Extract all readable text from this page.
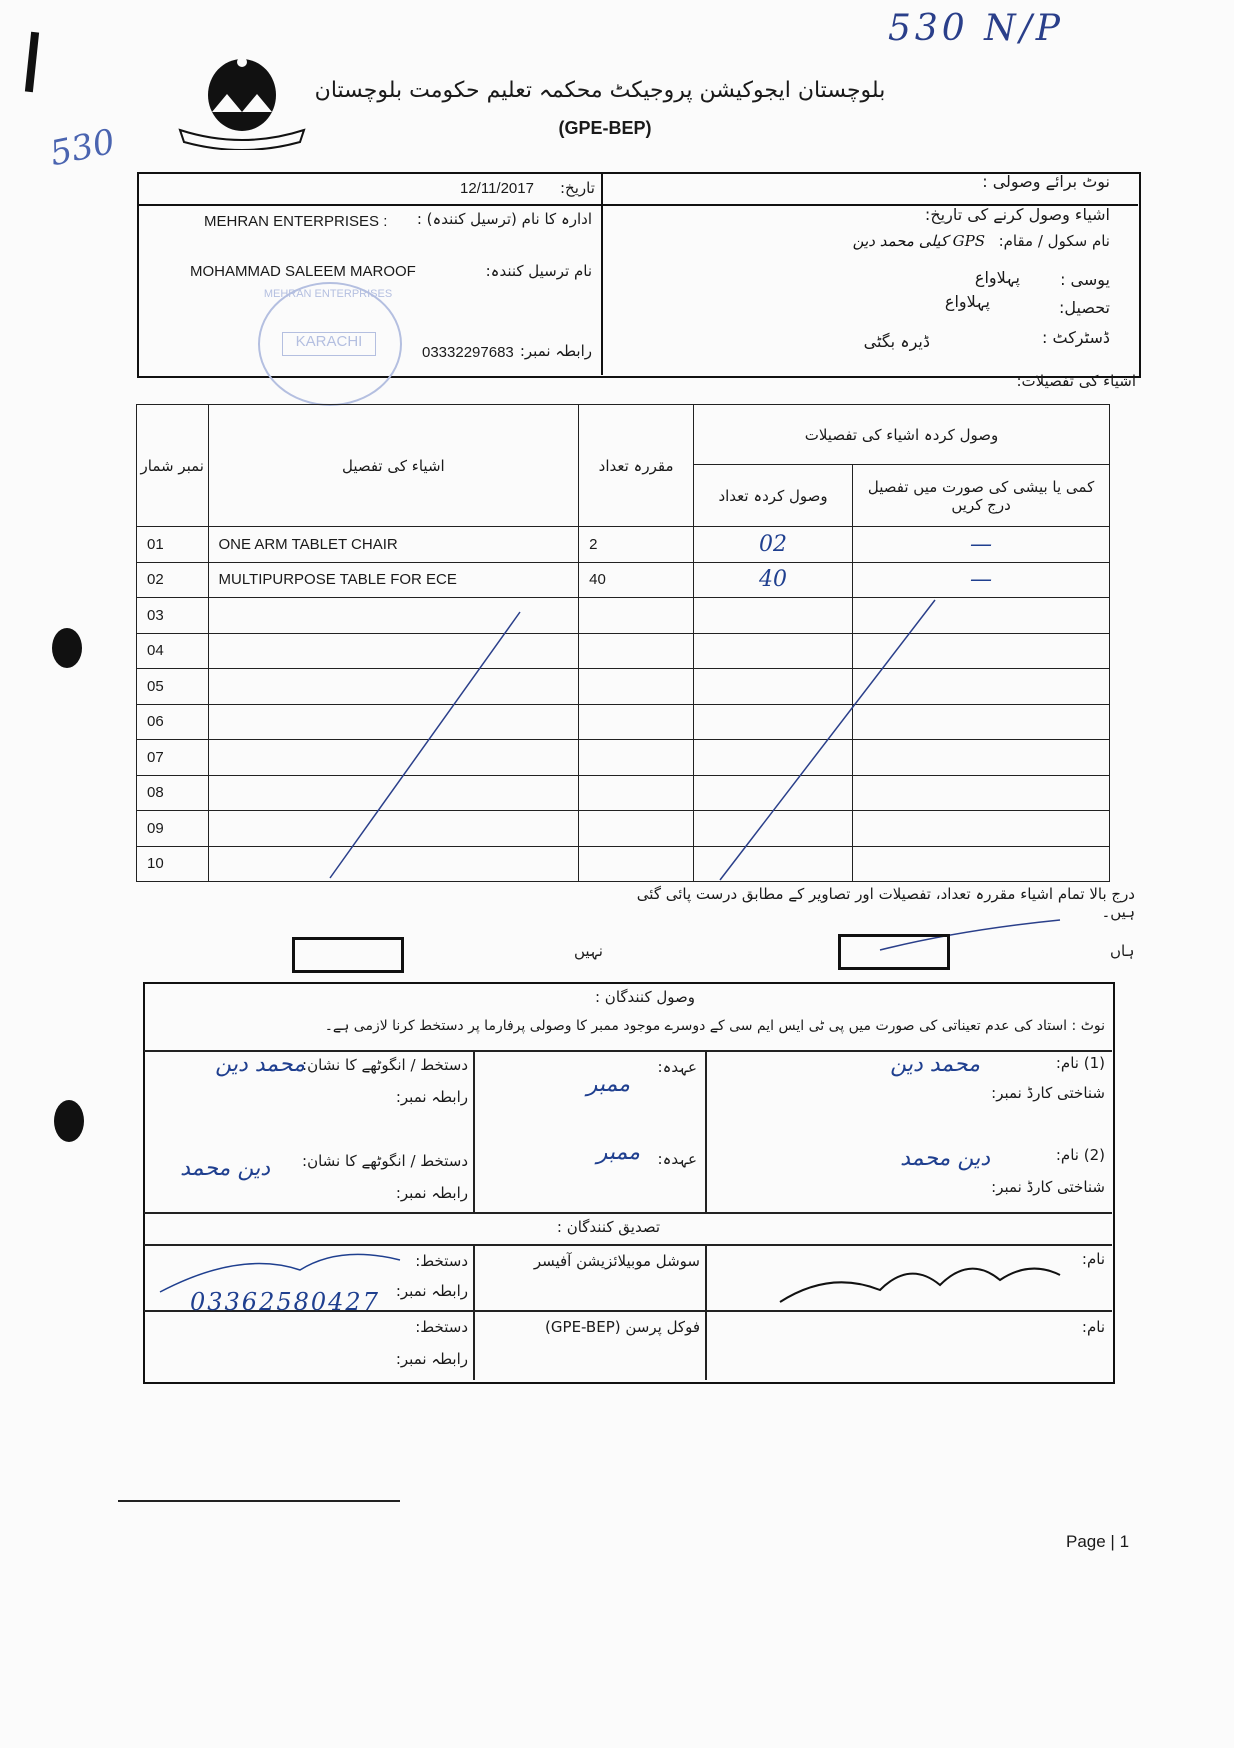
530 N/P
530
بلوچستان ایجوکیشن پروجیکٹ محکمہ تعلیم حکومت بلوچستان
(GPE-BEP)
تاریخ:
12/11/2017	نوٹ برائے وصولی :
ادارہ کا نام (ترسیل کنندہ) :
MEHRAN ENTERPRISES :
نام ترسیل کنندہ:
MOHAMMAD SALEEM MAROOF
رابطہ نمبر:
03332297683
MEHRAN ENTERPRISES
KARACHI
اشیاء وصول کرنے کی تاریخ:
نام سکول / مقام:
GPS کیلی محمد دین
یوسی :
پہلاواع
تحصیل:
پہلاواع
ڈسٹرکٹ :
ڈیرہ بگٹی
اشیاء کی تفصیلات:
نمبر شمار	اشیاء کی تفصیل	مقررہ تعداد	وصول کردہ اشیاء کی تفصیلات	

			وصول کردہ تعداد	کمی یا بیشی کی صورت میں تفصیل درج کریں

01	ONE ARM TABLET CHAIR	2	02	—

02	MULTIPURPOSE TABLE FOR ECE	40	40	—

03				

04				

05				

06				

07				

08				

09				

10				

درج بالا تمام اشیاء مقررہ تعداد، تفصیلات اور تصاویر کے مطابق درست پائی گئی ہیں۔
ہاں
نہیں
وصول کنندگان :
نوٹ : استاد کی عدم تعیناتی کی صورت میں پی ٹی ایس ایم سی کے دوسرے موجود ممبر کا وصولی پرفارما پر دستخط کرنا لازمی ہے۔
(1) نام:
محمد دین
شناختی کارڈ نمبر:
عہدہ:
ممبر
دستخط / انگوٹھے کا نشان:
محمد دین
رابطہ نمبر:
(2) نام:
دین محمد
شناختی کارڈ نمبر:
عہدہ:
ممبر
دستخط / انگوٹھے کا نشان:
دین محمد
رابطہ نمبر:
تصدیق کنندگان :
نام:
سوشل موبیلائزیشن آفیسر
دستخط:
رابطہ نمبر:
03362580427
نام:
فوکل پرسن (GPE-BEP)
دستخط:
رابطہ نمبر:
Page | 1
